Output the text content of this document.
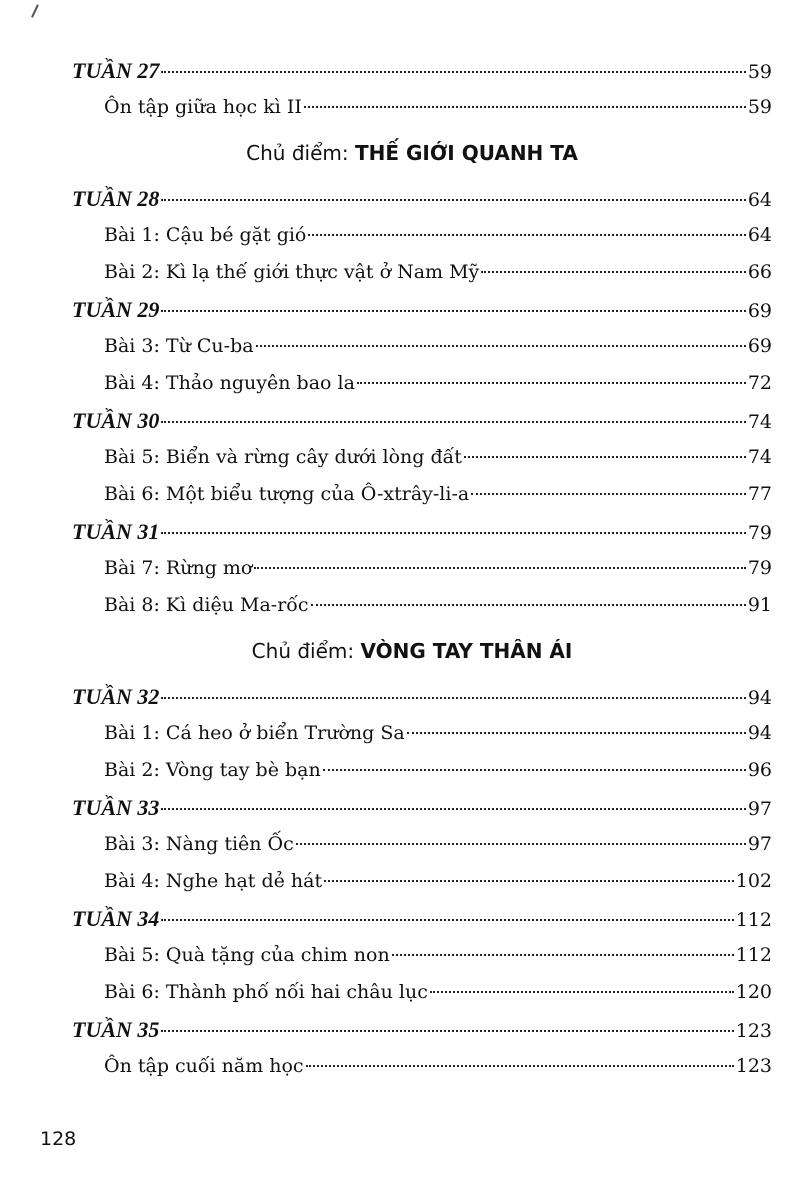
TUẦN 27	59
Ôn tập giữa học kì II	59
Chủ điểm: THẾ GIỚI QUANH TA
TUẦN 28	64
Bài 1: Cậu bé gặt gió	64
Bài 2: Kì lạ thế giới thực vật ở Nam Mỹ	66
TUẦN 29	69
Bài 3: Từ Cu-ba	69
Bài 4: Thảo nguyên bao la	72
TUẦN 30	74
Bài 5: Biển và rừng cây dưới lòng đất	74
Bài 6: Một biểu tượng của Ô-xtrây-li-a	77
TUẦN 31	79
Bài 7: Rừng mơ	79
Bài 8: Kì diệu Ma-rốc	91
Chủ điểm: VÒNG TAY THÂN ÁI
TUẦN 32	94
Bài 1: Cá heo ở biển Trường Sa	94
Bài 2: Vòng tay bè bạn	96
TUẦN 33	97
Bài 3: Nàng tiên Ốc	97
Bài 4: Nghe hạt dẻ hát	102
TUẦN 34	112
Bài 5: Quà tặng của chim non	112
Bài 6: Thành phố nối hai châu lục	120
TUẦN 35	123
Ôn tập cuối năm học	123
128
